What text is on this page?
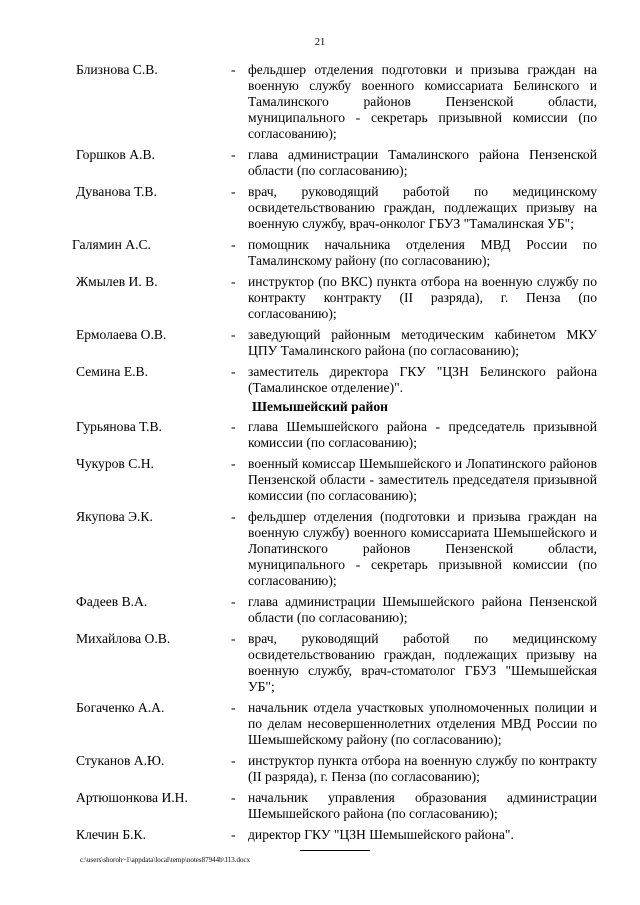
21
Близнова С.В.	- фельдшер отделения подготовки и призыва граждан на военную службу военного комиссариата Белинского и Тамалинского районов Пензенской области, муниципального - секретарь призывной комиссии (по согласованию);
Горшков А.В.	- глава администрации Тамалинского района Пензенской области (по согласованию);
Дуванова Т.В.	- врач, руководящий работой по медицинскому освидетельствованию граждан, подлежащих призыву на военную службу, врач-онколог ГБУЗ "Тамалинская УБ";
Галямин А.С.	- помощник начальника отделения МВД России по Тамалинскому району (по согласованию);
Жмылев И. В.	- инструктор (по ВКС) пункта отбора на военную службу по контракту контракту (II разряда), г. Пенза (по согласованию);
Ермолаева О.В.	- заведующий районным методическим кабинетом МКУ ЦПУ Тамалинского района (по согласованию);
Семина Е.В.	- заместитель директора ГКУ "ЦЗН Белинского района (Тамалинское отделение)".
Шемышейский район
Гурьянова Т.В.	- глава Шемышейского района - председатель призывной комиссии (по согласованию);
Чукуров С.Н.	- военный комиссар Шемышейского и Лопатинского районов Пензенской области - заместитель председателя призывной комиссии (по согласованию);
Якупова Э.К.	- фельдшер отделения (подготовки и призыва граждан на военную службу) военного комиссариата Шемышейского и Лопатинского районов Пензенской области, муниципального - секретарь призывной комиссии (по согласованию);
Фадеев В.А.	- глава администрации Шемышейского района Пензенской области (по согласованию);
Михайлова О.В.	- врач, руководящий работой по медицинскому освидетельствованию граждан, подлежащих призыву на военную службу, врач-стоматолог ГБУЗ "Шемышейская УБ";
Богаченко А.А.	- начальник отдела участковых уполномоченных полиции и по делам несовершеннолетних отделения МВД России по Шемышейскому району (по согласованию);
Стуканов А.Ю.	- инструктор пункта отбора на военную службу по контракту (II разряда), г. Пенза (по согласованию);
Артюшонкова И.Н.	- начальник управления образования администрации Шемышейского района (по согласованию);
Клечин Б.К.	- директор ГКУ "ЦЗН Шемышейского района".
c:\users\shoroh~1\appdata\local\temp\notes87944b\113.docx
